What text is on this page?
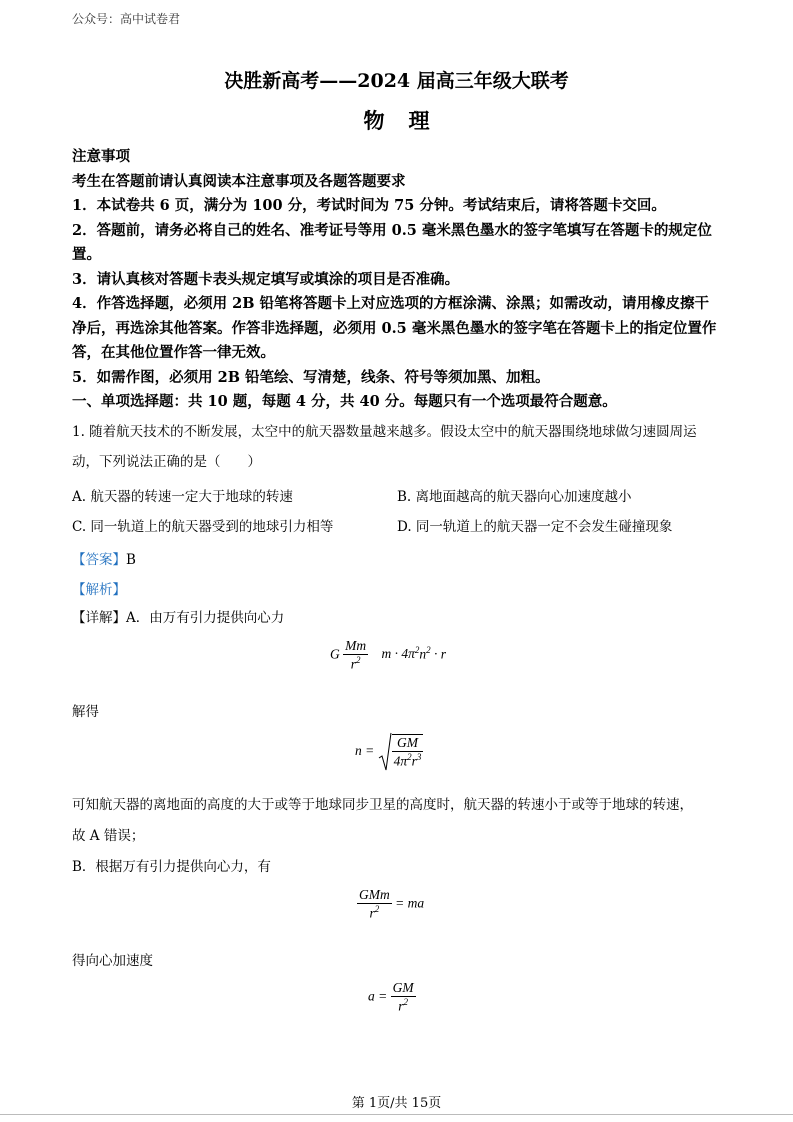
公众号：高中试卷君
决胜新高考——2024 届高三年级大联考
物理

注意事项

考生在答题前请认真阅读本注意事项及各题答题要求

1．本试卷共 6 页，满分为 100 分，考试时间为 75 分钟。考试结束后，请将答题卡交回。

2．答题前，请务必将自己的姓名、准考证号等用 0.5 毫米黑色墨水的签字笔填写在答题卡的规定位置。

3．请认真核对答题卡表头规定填写或填涂的项目是否准确。

4．作答选择题，必须用 2B 铅笔将答题卡上对应选项的方框涂满、涂黑；如需改动，请用橡皮擦干净后，再选涂其他答案。作答非选择题，必须用 0.5 毫米黑色墨水的签字笔在答题卡上的指定位置作答，在其他位置作答一律无效。

5．如需作图，必须用 2B 铅笔绘、写清楚，线条、符号等须加黑、加粗。

一、单项选择题：共 10 题，每题 4 分，共 40 分。每题只有一个选项最符合题意。

1. 随着航天技术的不断发展，太空中的航天器数量越来越多。假设太空中的航天器围绕地球做匀速圆周运
动，下列说法正确的是（　　）
A. 航天器的转速一定大于地球的转速	B. 离地面越高的航天器向心加速度越小
C. 同一轨道上的航天器受到的地球引力相等	D. 同一轨道上的航天器一定不会发生碰撞现象
【答案】B
【解析】
【详解】A．由万有引力提供向心力
G $\frac{Mm}{r^2}$ $m \cdot 4\pi^2n^2 \cdot r$
解得
$n = \frac{GM}{4\pi^2r^3}$
可知航天器的离地面的高度的大于或等于地球同步卫星的高度时，航天器的转速小于或等于地球的转速，
故 A 错误；
B．根据万有引力提供向心力，有
$\frac{\text{GMm}}{r^2}$ = ma
得向心加速度
$a = \frac{GM}{r^2}$
第 1页/共 15页
